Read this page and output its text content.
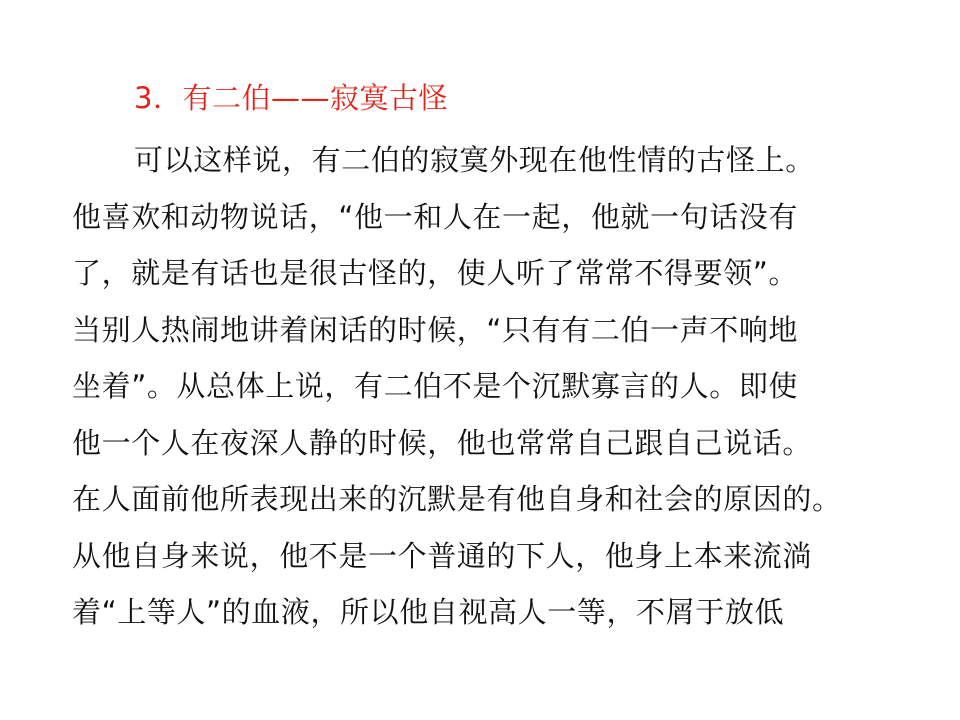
3．有二伯——寂寞古怪
可以这样说，有二伯的寂寞外现在他性情的古怪上。
他喜欢和动物说话，“他一和人在一起，他就一句话没有
了，就是有话也是很古怪的，使人听了常常不得要领”。
当别人热闹地讲着闲话的时候，“只有有二伯一声不响地
坐着”。从总体上说，有二伯不是个沉默寡言的人。即使
他一个人在夜深人静的时候，他也常常自己跟自己说话。
在人面前他所表现出来的沉默是有他自身和社会的原因的。
从他自身来说，他不是一个普通的下人，他身上本来流淌
着“上等人”的血液，所以他自视高人一等，不屑于放低
